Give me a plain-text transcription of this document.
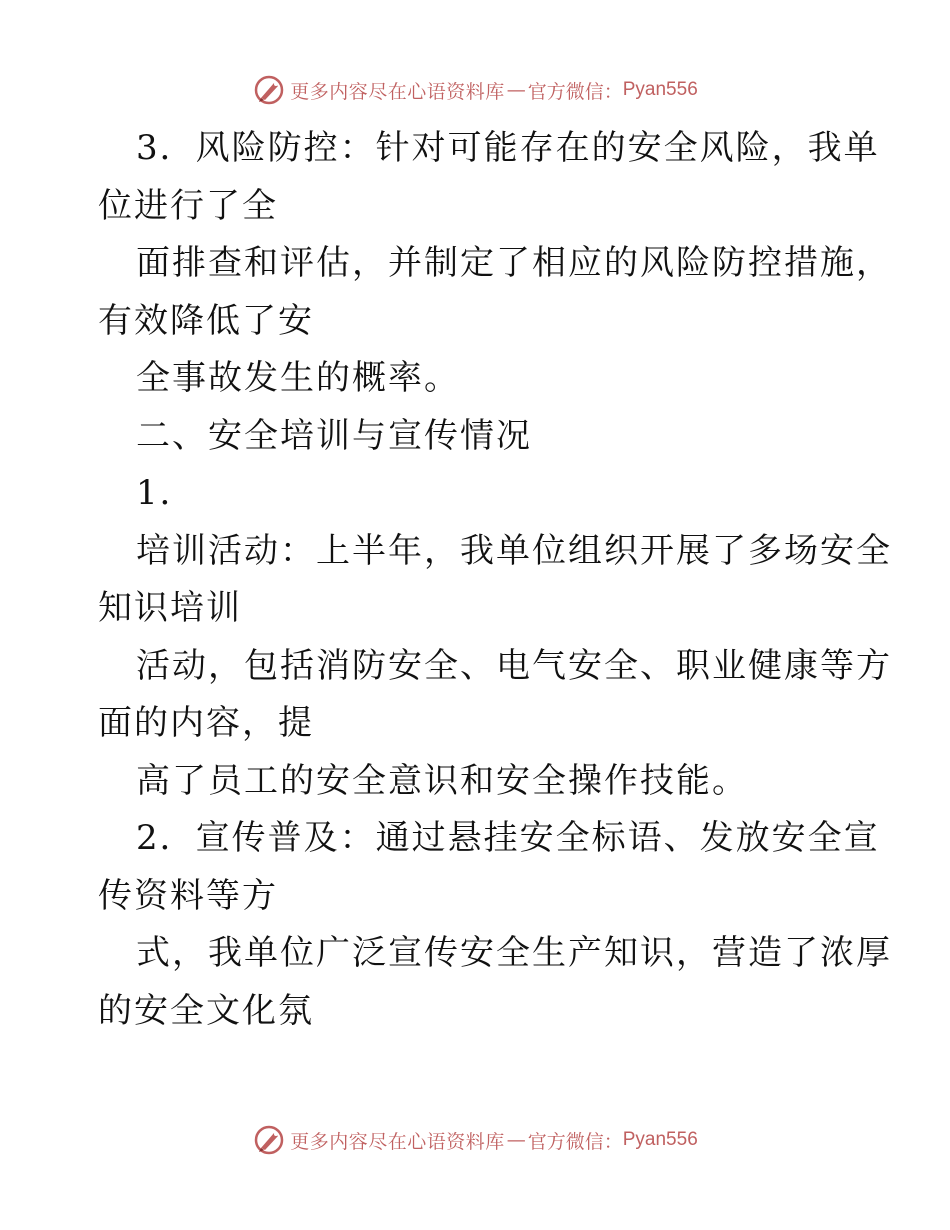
更多内容尽在心语资料库 — 官方微信： Pyan556
3．风险防控：针对可能存在的安全风险，我单
位进行了全
面排查和评估，并制定了相应的风险防控措施，
有效降低了安
全事故发生的概率。
二、安全培训与宣传情况
1．
培训活动：上半年，我单位组织开展了多场安全
知识培训
活动，包括消防安全、电气安全、职业健康等方
面的内容，提
高了员工的安全意识和安全操作技能。
2．宣传普及：通过悬挂安全标语、发放安全宣
传资料等方
式，我单位广泛宣传安全生产知识，营造了浓厚
的安全文化氛
更多内容尽在心语资料库 — 官方微信： Pyan556
